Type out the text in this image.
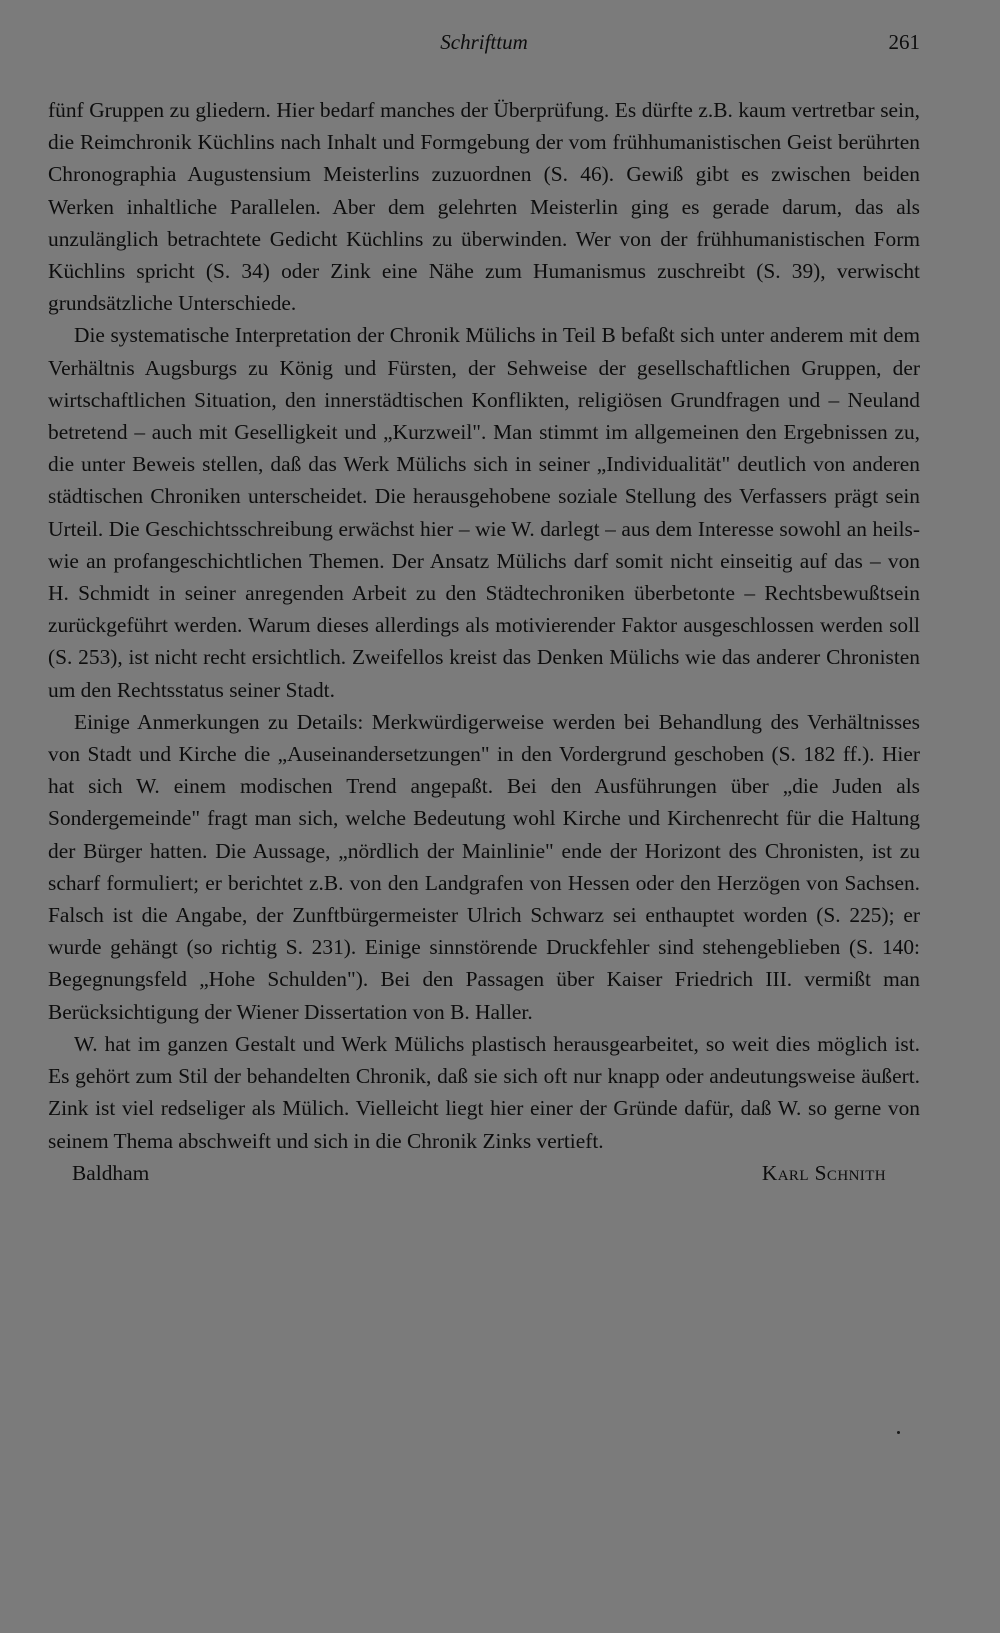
Schrifttum	261

fünf Gruppen zu gliedern. Hier bedarf manches der Überprüfung. Es dürfte z.B. kaum vertretbar sein, die Reimchronik Küchlins nach Inhalt und Formgebung der vom frühhumanistischen Geist berührten Chronographia Augustensium Meisterlins zuzuordnen (S. 46). Gewiß gibt es zwischen beiden Werken inhaltliche Parallelen. Aber dem gelehrten Meisterlin ging es gerade darum, das als unzulänglich betrachtete Gedicht Küchlins zu überwinden. Wer von der frühhumanistischen Form Küchlins spricht (S. 34) oder Zink eine Nähe zum Humanismus zuschreibt (S. 39), verwischt grundsätzliche Unterschiede.

Die systematische Interpretation der Chronik Mülichs in Teil B befaßt sich unter anderem mit dem Verhältnis Augsburgs zu König und Fürsten, der Sehweise der gesellschaftlichen Gruppen, der wirtschaftlichen Situation, den innerstädtischen Konflikten, religiösen Grundfragen und – Neuland betretend – auch mit Geselligkeit und „Kurzweil". Man stimmt im allgemeinen den Ergebnissen zu, die unter Beweis stellen, daß das Werk Mülichs sich in seiner „Individualität" deutlich von anderen städtischen Chroniken unterscheidet. Die herausgehobene soziale Stellung des Verfassers prägt sein Urteil. Die Geschichtsschreibung erwächst hier – wie W. darlegt – aus dem Interesse sowohl an heils- wie an profangeschichtlichen Themen. Der Ansatz Mülichs darf somit nicht einseitig auf das – von H. Schmidt in seiner anregenden Arbeit zu den Städtechroniken überbetonte – Rechtsbewußtsein zurückgeführt werden. Warum dieses allerdings als motivierender Faktor ausgeschlossen werden soll (S. 253), ist nicht recht ersichtlich. Zweifellos kreist das Denken Mülichs wie das anderer Chronisten um den Rechtsstatus seiner Stadt.

Einige Anmerkungen zu Details: Merkwürdigerweise werden bei Behandlung des Verhältnisses von Stadt und Kirche die „Auseinandersetzungen" in den Vordergrund geschoben (S. 182 ff.). Hier hat sich W. einem modischen Trend angepaßt. Bei den Ausführungen über „die Juden als Sondergemeinde" fragt man sich, welche Bedeutung wohl Kirche und Kirchenrecht für die Haltung der Bürger hatten. Die Aussage, „nördlich der Mainlinie" ende der Horizont des Chronisten, ist zu scharf formuliert; er berichtet z.B. von den Landgrafen von Hessen oder den Herzögen von Sachsen. Falsch ist die Angabe, der Zunftbürgermeister Ulrich Schwarz sei enthauptet worden (S. 225); er wurde gehängt (so richtig S. 231). Einige sinnstörende Druckfehler sind stehengeblieben (S. 140: Begegnungsfeld „Hohe Schulden"). Bei den Passagen über Kaiser Friedrich III. vermißt man Berücksichtigung der Wiener Dissertation von B. Haller.

W. hat im ganzen Gestalt und Werk Mülichs plastisch herausgearbeitet, so weit dies möglich ist. Es gehört zum Stil der behandelten Chronik, daß sie sich oft nur knapp oder andeutungsweise äußert. Zink ist viel redseliger als Mülich. Vielleicht liegt hier einer der Gründe dafür, daß W. so gerne von seinem Thema abschweift und sich in die Chronik Zinks vertieft.

Baldham	Karl Schnith
